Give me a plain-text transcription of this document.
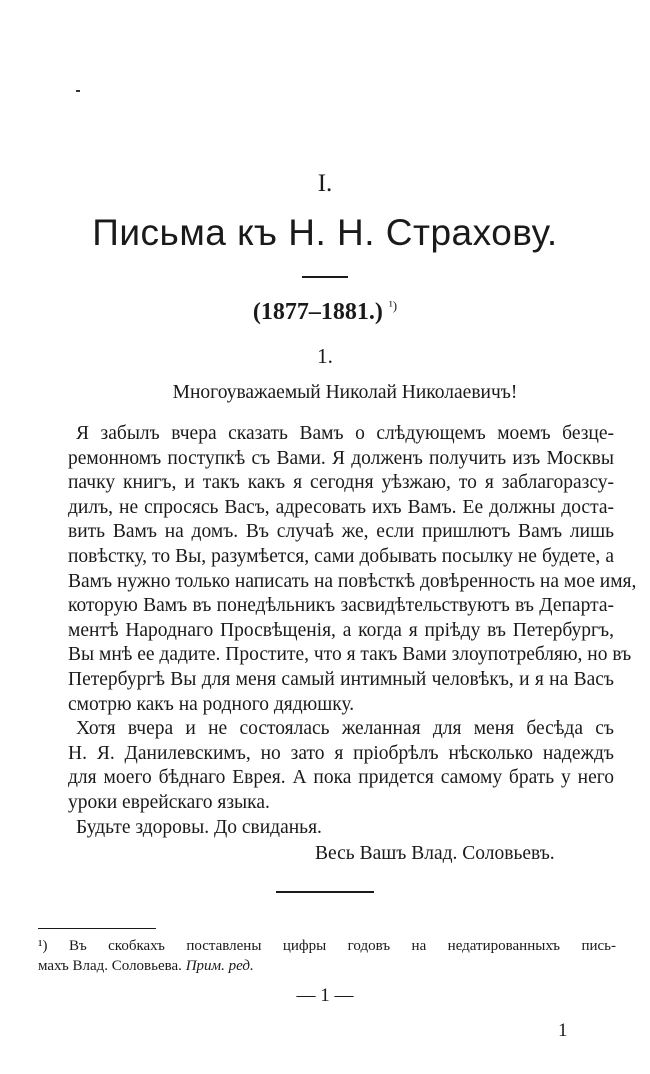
I.
Письма къ Н. Н. Страхову.
(1877–1881.) $^{^1)}$
1.
Многоуважаемый Николай Николаевичъ!

Я забылъ вчера сказать Вамъ о слѣдующемъ моемъ безце-
ремонномъ поступкѣ съ Вами. Я долженъ получить изъ Москвы
пачку книгъ, и такъ какъ я сегодня уѣзжаю, то я заблагоразсу-
дилъ, не спросясь Васъ, адресовать ихъ Вамъ. Ее должны доста-
вить Вамъ на домъ. Въ случаѣ же, если пришлютъ Вамъ лишь
повѣстку, то Вы, разумѣется, сами добывать посылку не будете, а
Вамъ нужно только написать на повѣсткѣ довѣренность на мое имя,
которую Вамъ въ понедѣльникъ засвидѣтельствуютъ въ Департа-
ментѣ Народнаго Просвѣщенія, а когда я пріѣду въ Петербургъ,
Вы мнѣ ее дадите. Простите, что я такъ Вами злоупотребляю, но въ
Петербургѣ Вы для меня самый интимный человѣкъ, и я на Васъ
смотрю какъ на родного дядюшку.

Хотя вчера и не состоялась желанная для меня бесѣда съ
Н. Я. Данилевскимъ, но зато я пріобрѣлъ нѣсколько надеждъ
для моего бѣднаго Еврея. А пока придется самому брать у него
уроки еврейскаго языка.

Будьте здоровы. До свиданья.

Весь Вашъ Влад. Соловьевъ.
¹) Въ скобкахъ поставлены цифры годовъ на недатированныхъ пись-
махъ Влад. Соловьева. Прим. ред.
— 1 —
1
